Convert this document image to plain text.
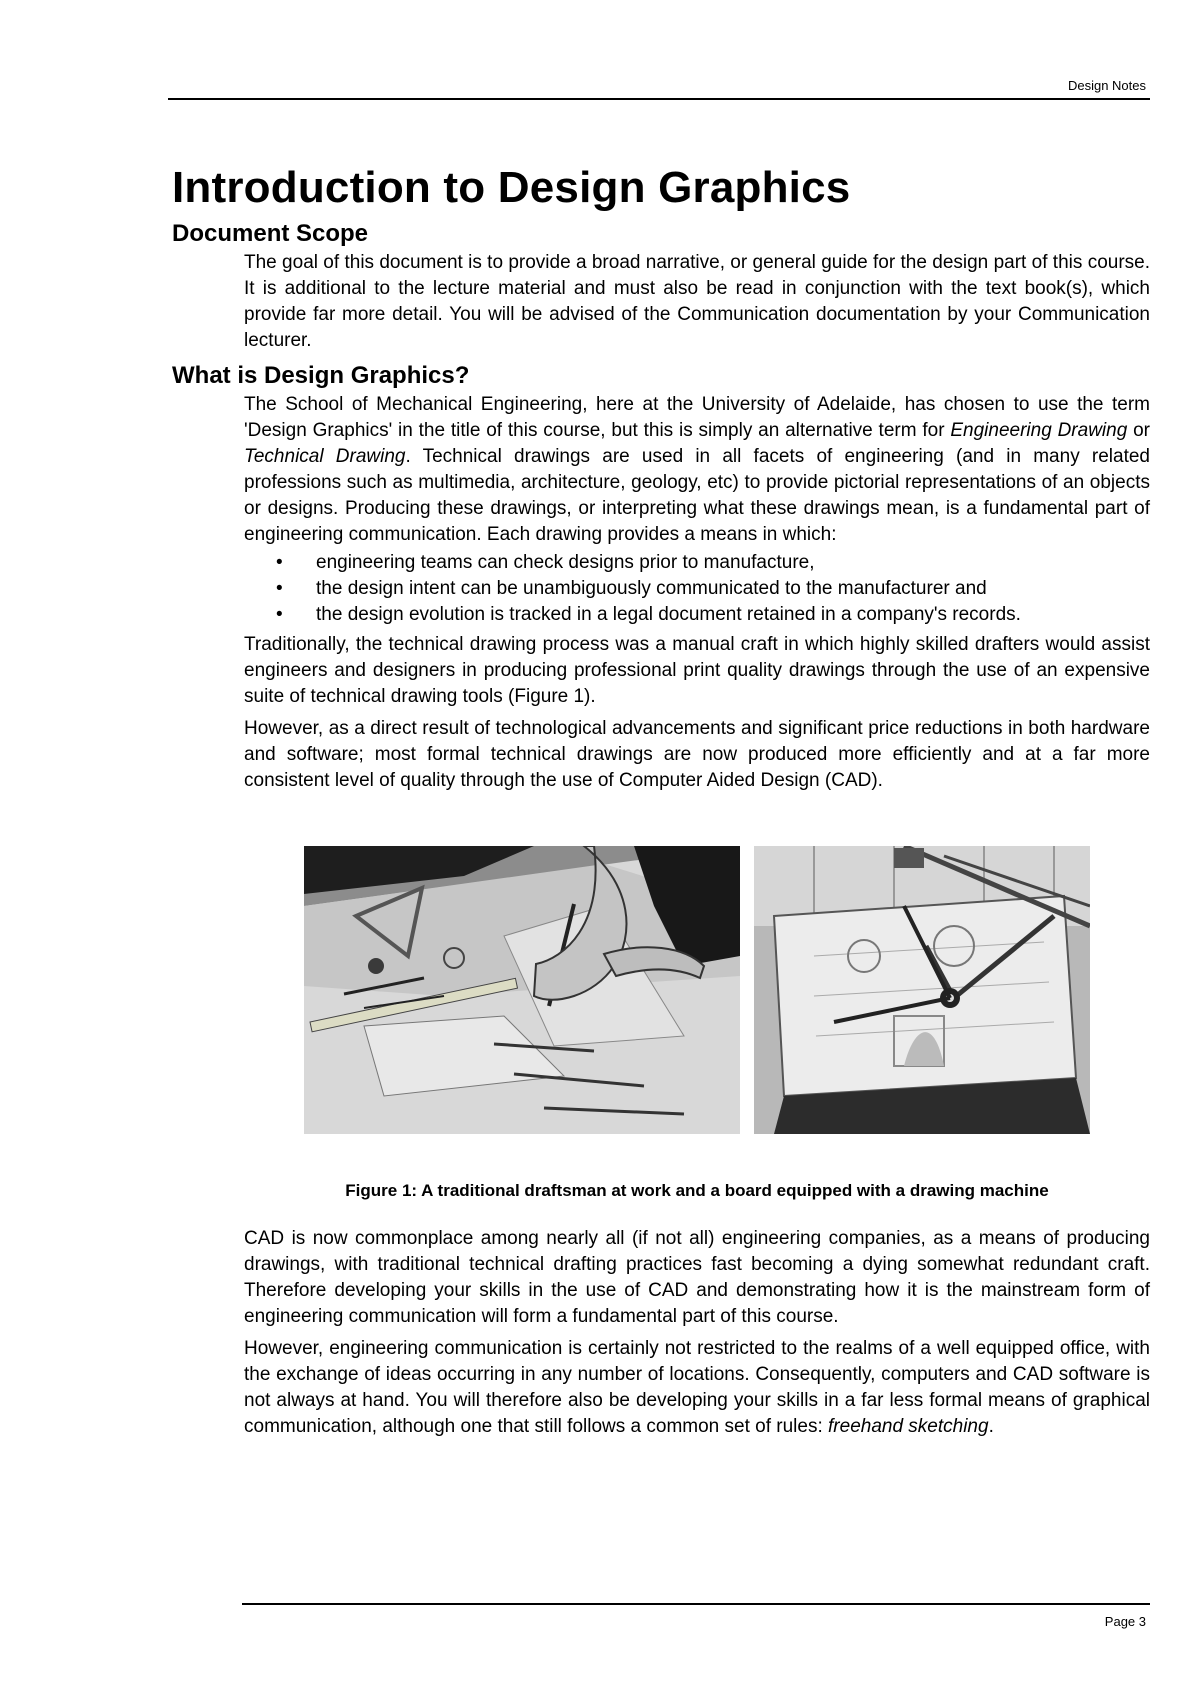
Design Notes
Introduction to Design Graphics
Document Scope

The goal of this document is to provide a broad narrative, or general guide for the design part of this course. It is additional to the lecture material and must also be read in conjunction with the text book(s), which provide far more detail. You will be advised of the Communication documentation by your Communication lecturer.

What is Design Graphics?

The School of Mechanical Engineering, here at the University of Adelaide, has chosen to use the term 'Design Graphics' in the title of this course, but this is simply an alternative term for Engineering Drawing or Technical Drawing. Technical drawings are used in all facets of engineering (and in many related professions such as multimedia, architecture, geology, etc) to provide pictorial representations of an objects or designs. Producing these drawings, or interpreting what these drawings mean, is a fundamental part of engineering communication. Each drawing provides a means in which:

• engineering teams can check designs prior to manufacture,
• the design intent can be unambiguously communicated to the manufacturer and
• the design evolution is tracked in a legal document retained in a company's records.

Traditionally, the technical drawing process was a manual craft in which highly skilled drafters would assist engineers and designers in producing professional print quality drawings through the use of an expensive suite of technical drawing tools (Figure 1).

However, as a direct result of technological advancements and significant price reductions in both hardware and software; most formal technical drawings are now produced more efficiently and at a far more consistent level of quality through the use of Computer Aided Design (CAD).

Figure 1: A traditional draftsman at work and a board equipped with a drawing machine

CAD is now commonplace among nearly all (if not all) engineering companies, as a means of producing drawings, with traditional technical drafting practices fast becoming a dying somewhat redundant craft. Therefore developing your skills in the use of CAD and demonstrating how it is the mainstream form of engineering communication will form a fundamental part of this course.

However, engineering communication is certainly not restricted to the realms of a well equipped office, with the exchange of ideas occurring in any number of locations. Consequently, computers and CAD software is not always at hand. You will therefore also be developing your skills in a far less formal means of graphical communication, although one that still follows a common set of rules: freehand sketching.

Page 3
